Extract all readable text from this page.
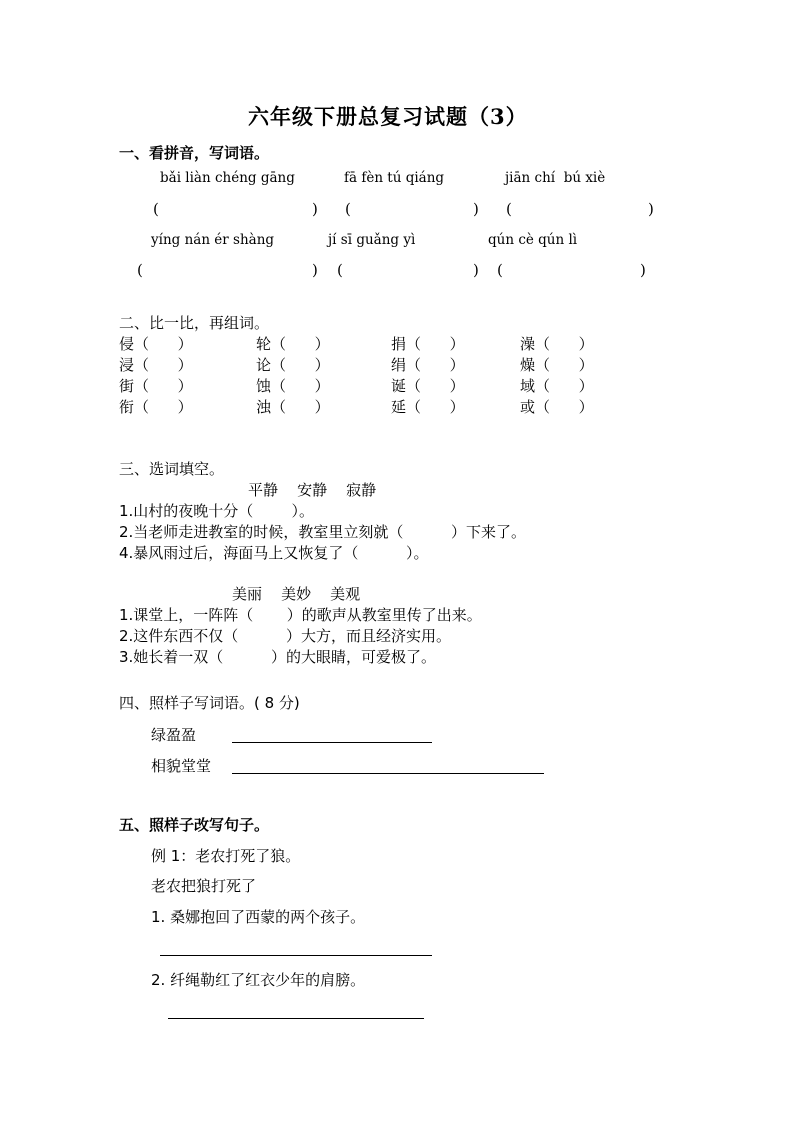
六年级下册总复习试题（3）
一、看拼音，写词语。
bǎi liàn chéng gāng	fā fèn tú qiáng	jiān chí  bú xiè
(	) (	) (	)
yíng nán ér shàng	jí sī guǎng yì	qún cè qún lì
(	) (	) (	)
二、比一比，再组词。
侵（      ）	轮（      ）	捐（      ）	澡（      ）
浸（      ）	论（      ）	绢（      ）	燥（      ）
街（      ）	蚀（      ）	诞（      ）	域（      ）
衔（      ）	浊（      ）	延（      ）	或（      ）
三、选词填空。
平静    安静    寂静
1.山村的夜晚十分（        ）。
2.当老师走进教室的时候，教室里立刻就（          ）下来了。
4.暴风雨过后，海面马上又恢复了（          ）。
美丽    美妙    美观
1.课堂上，一阵阵（       ）的歌声从教室里传了出来。
2.这件东西不仅（          ）大方，而且经济实用。
3.她长着一双（          ）的大眼睛，可爱极了。
四、照样子写词语。( 8 分)
绿盈盈
相貌堂堂
五、照样子改写句子。
例 1：老农打死了狼。
老农把狼打死了
1. 桑娜抱回了西蒙的两个孩子。
2. 纤绳勒红了红衣少年的肩膀。
